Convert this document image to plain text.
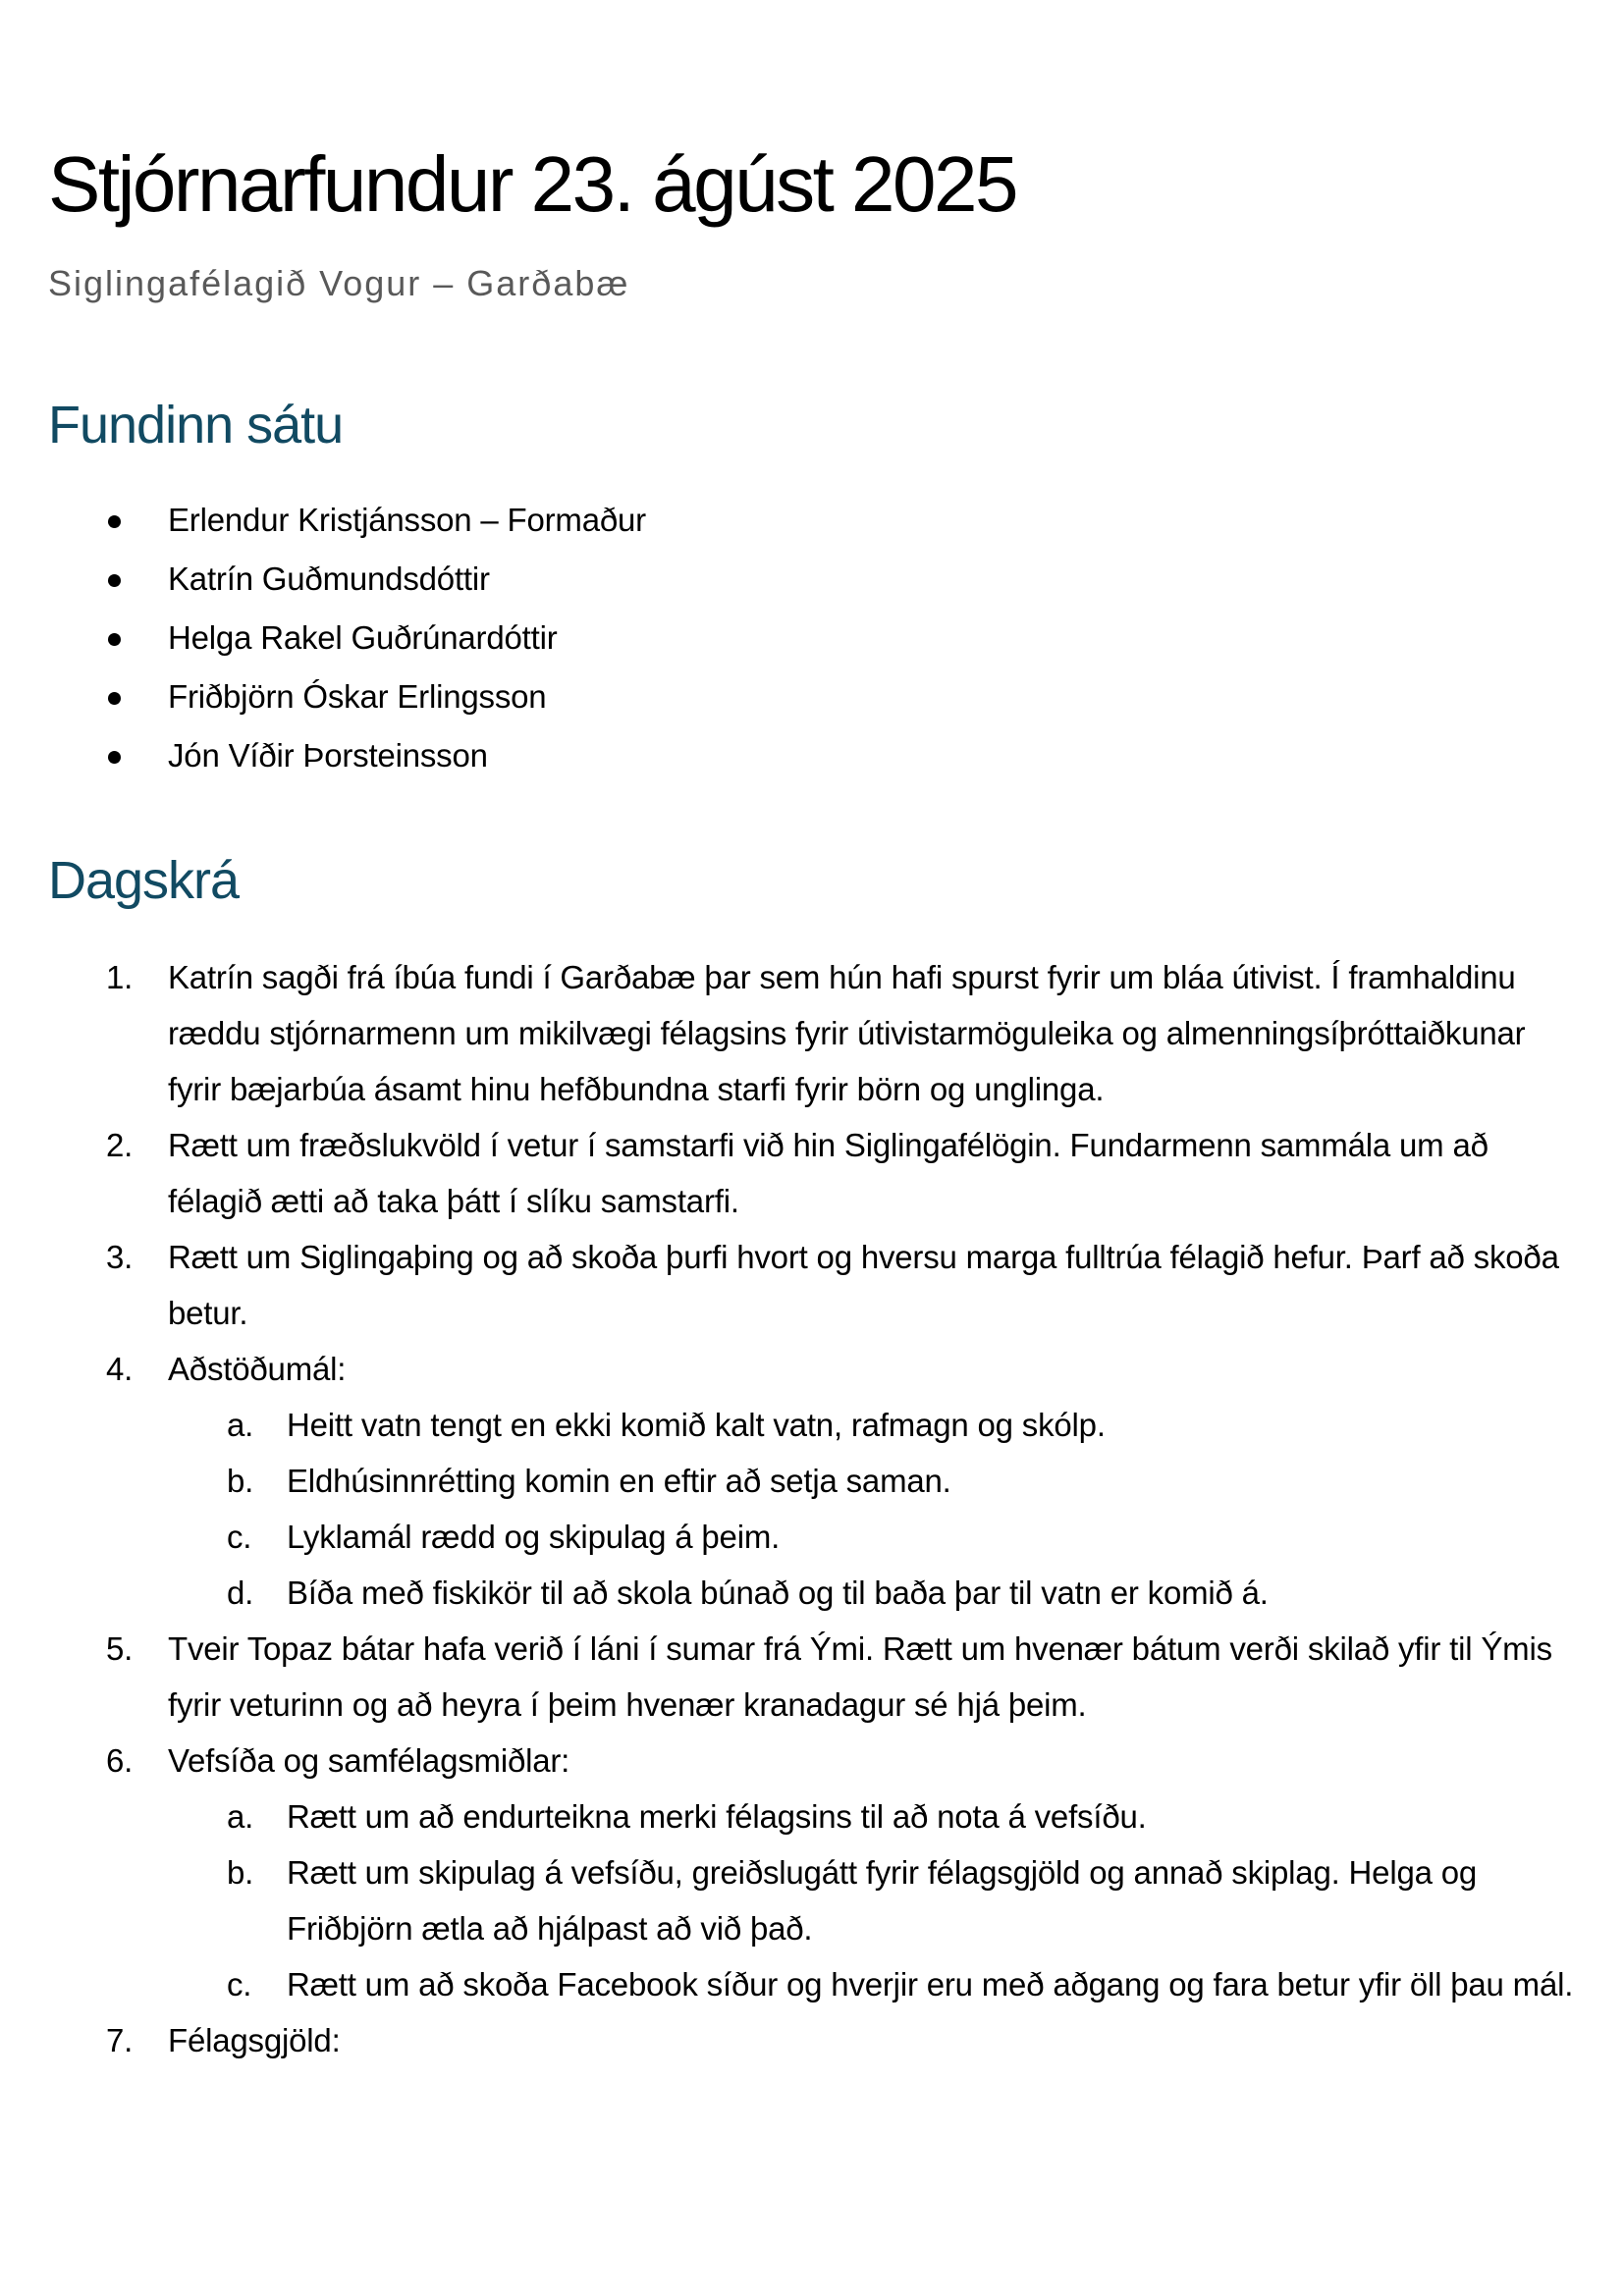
Stjórnarfundur 23. ágúst 2025

Siglingafélagið Vogur – Garðabæ

Fundinn sátu
Erlendur Kristjánsson – Formaður
Katrín Guðmundsdóttir
Helga Rakel Guðrúnardóttir
Friðbjörn Óskar Erlingsson
Jón Víðir Þorsteinsson
Dagskrá
1. Katrín sagði frá íbúa fundi í Garðabæ þar sem hún hafi spurst fyrir um bláa útivist. Í framhaldinu ræddu stjórnarmenn um mikilvægi félagsins fyrir útivistarmöguleika og almenningsíþróttaiðkunar fyrir bæjarbúa ásamt hinu hefðbundna starfi fyrir börn og unglinga.
2. Rætt um fræðslukvöld í vetur í samstarfi við hin Siglingafélögin. Fundarmenn sammála um að félagið ætti að taka þátt í slíku samstarfi.
3. Rætt um Siglingaþing og að skoða þurfi hvort og hversu marga fulltrúa félagið hefur. Þarf að skoða betur.
4. Aðstöðumál:
a. Heitt vatn tengt en ekki komið kalt vatn, rafmagn og skólp.
b. Eldhúsinnrétting komin en eftir að setja saman.
c. Lyklamál rædd og skipulag á þeim.
d. Bíða með fiskikör til að skola búnað og til baða þar til vatn er komið á.
5. Tveir Topaz bátar hafa verið í láni í sumar frá Ými. Rætt um hvenær bátum verði skilað yfir til Ýmis fyrir veturinn og að heyra í þeim hvenær kranadagur sé hjá þeim.
6. Vefsíða og samfélagsmiðlar:
a. Rætt um að endurteikna merki félagsins til að nota á vefsíðu.
b. Rætt um skipulag á vefsíðu, greiðslugátt fyrir félagsgjöld og annað skiplag. Helga og Friðbjörn ætla að hjálpast að við það.
c. Rætt um að skoða Facebook síður og hverjir eru með aðgang og fara betur yfir öll þau mál.
7. Félagsgjöld:
